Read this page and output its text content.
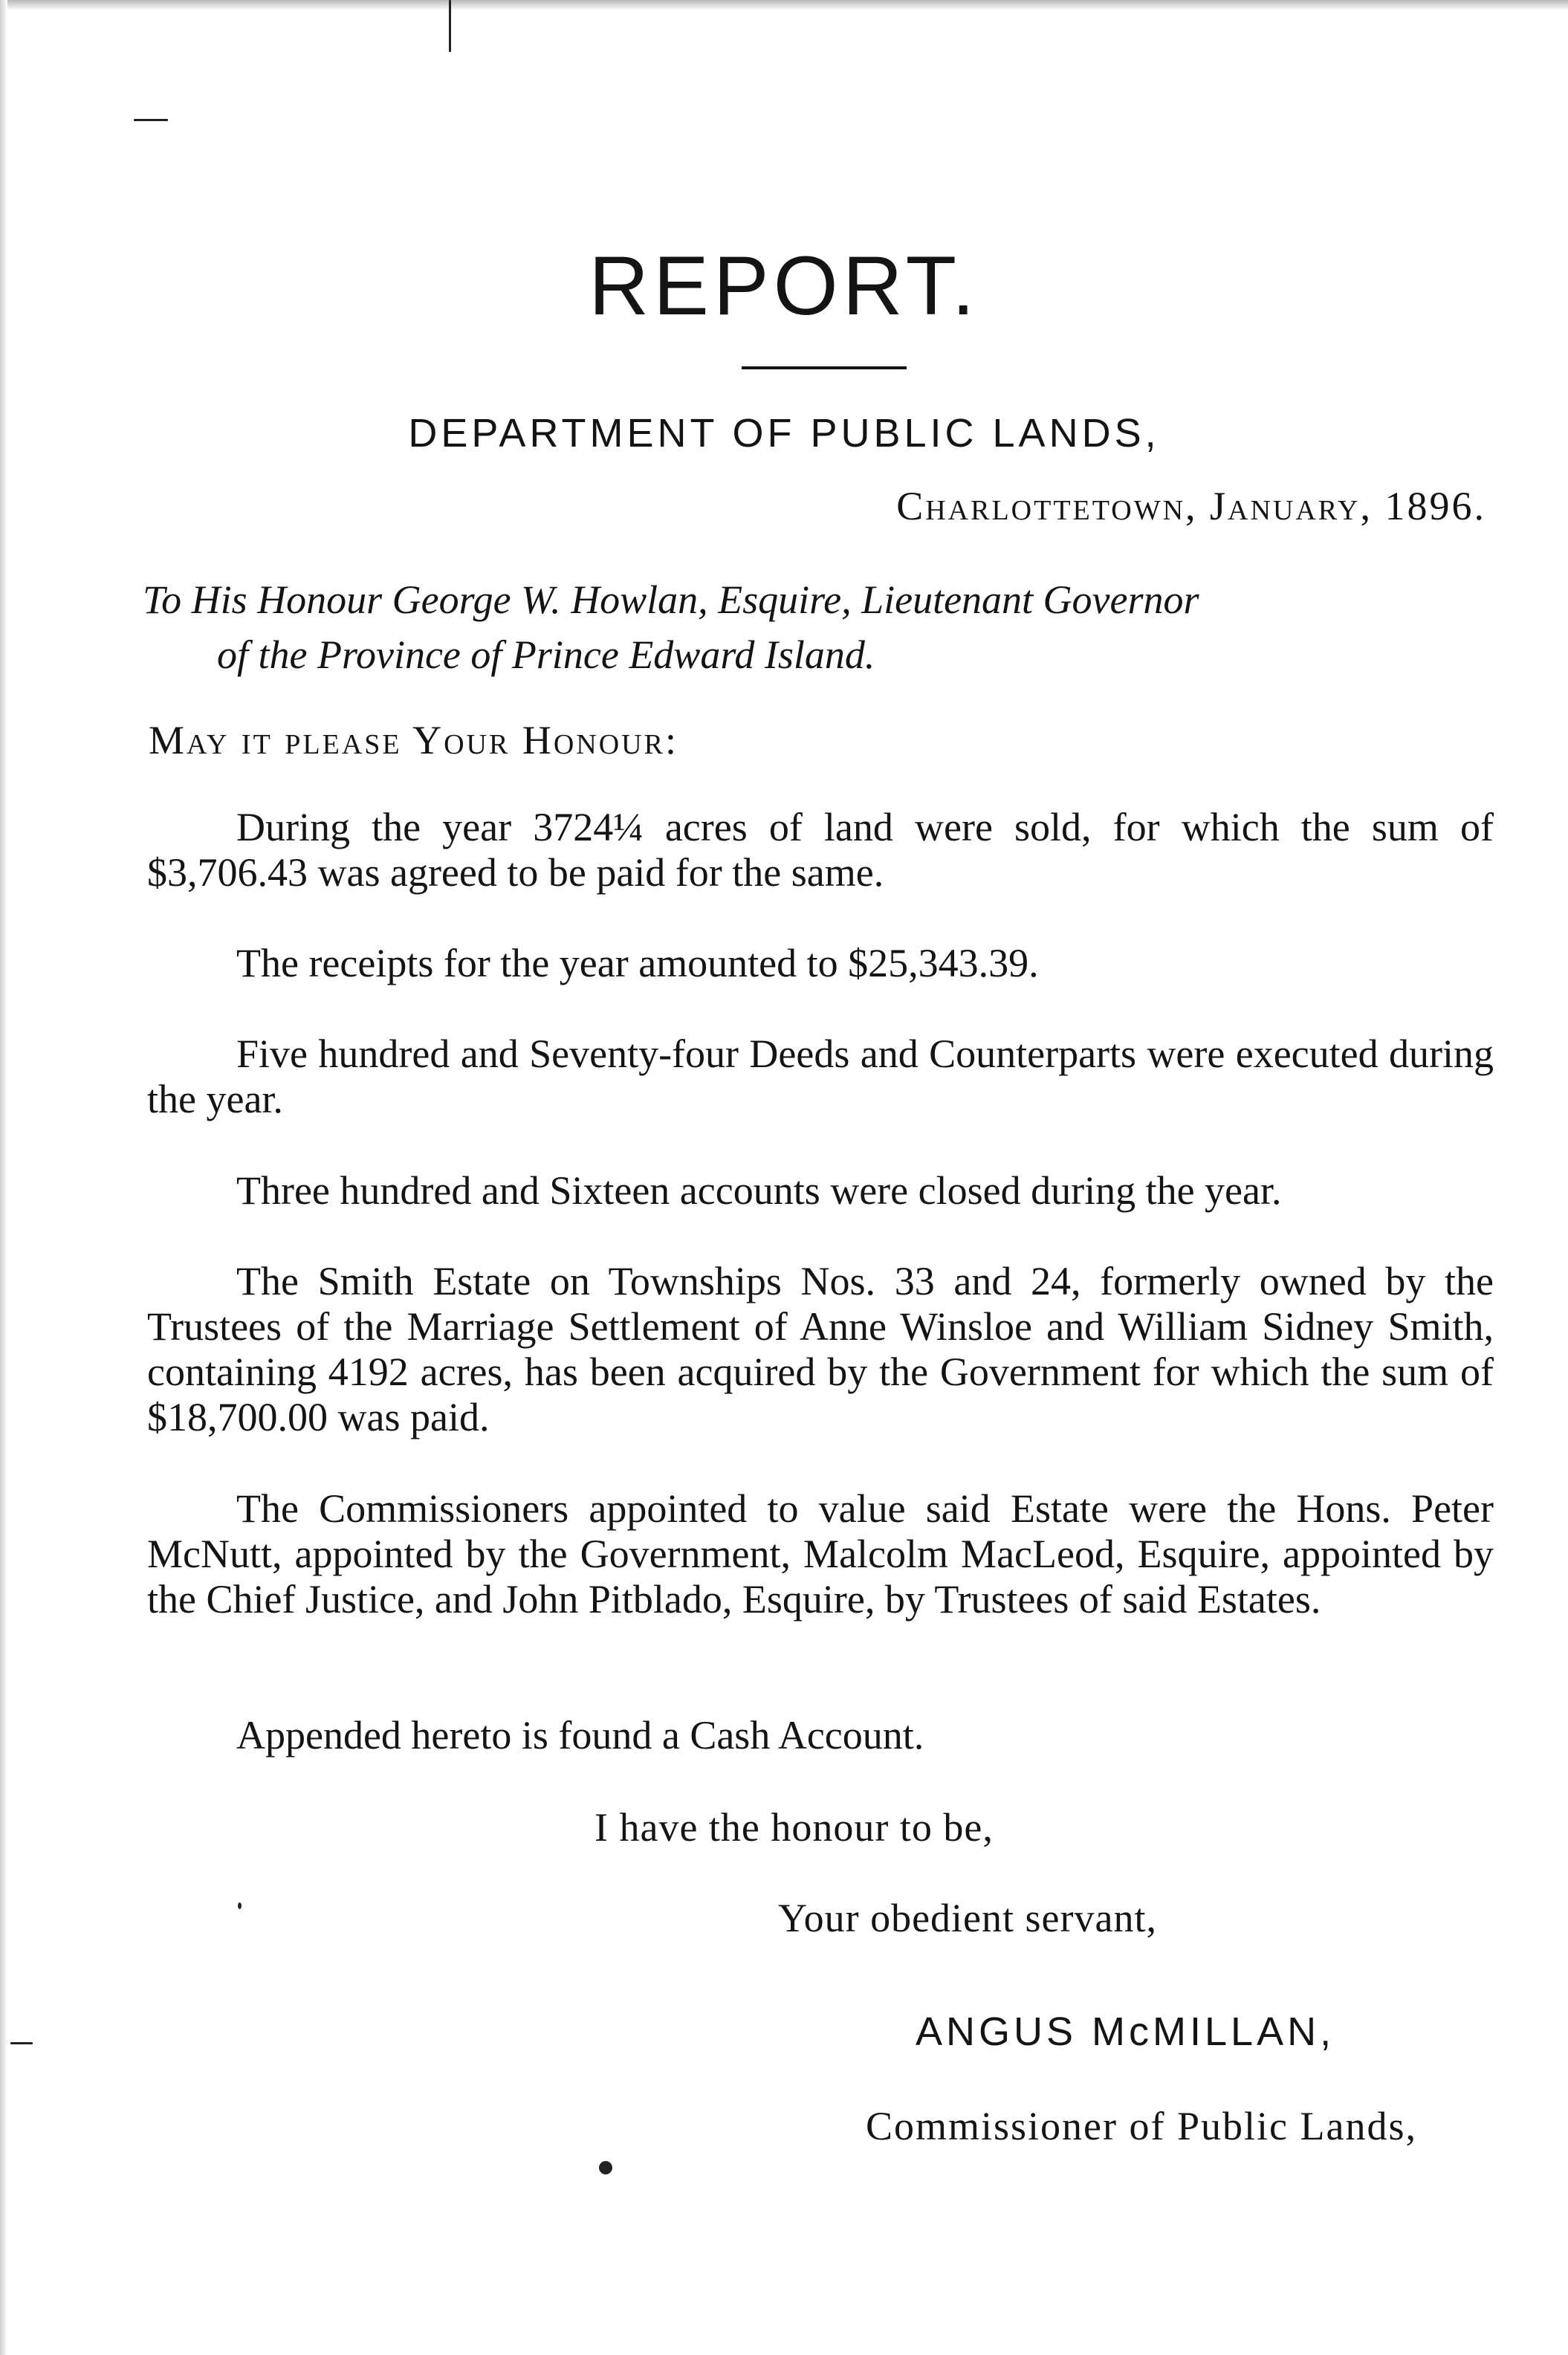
REPORT.
DEPARTMENT OF PUBLIC LANDS,
Charlottetown, January, 1896.
To His Honour George W. Howlan, Esquire, Lieutenant Governor
of the Province of Prince Edward Island.
May it please Your Honour:
During the year 3724¼ acres of land were sold, for which the sum of $3,706.43 was agreed to be paid for the same.
The receipts for the year amounted to $25,343.39.
Five hundred and Seventy-four Deeds and Counterparts were executed during the year.
Three hundred and Sixteen accounts were closed during the year.
The Smith Estate on Townships Nos. 33 and 24, formerly owned by the Trustees of the Marriage Settlement of Anne Winsloe and William Sidney Smith, containing 4192 acres, has been acquired by the Government for which the sum of $18,700.00 was paid.
The Commissioners appointed to value said Estate were the Hons. Peter McNutt, appointed by the Government, Malcolm MacLeod, Esquire, appointed by the Chief Justice, and John Pitblado, Esquire, by Trustees of said Estates.
Appended hereto is found a Cash Account.
I have the honour to be,
Your obedient servant,
ANGUS McMILLAN,
Commissioner of Public Lands,
